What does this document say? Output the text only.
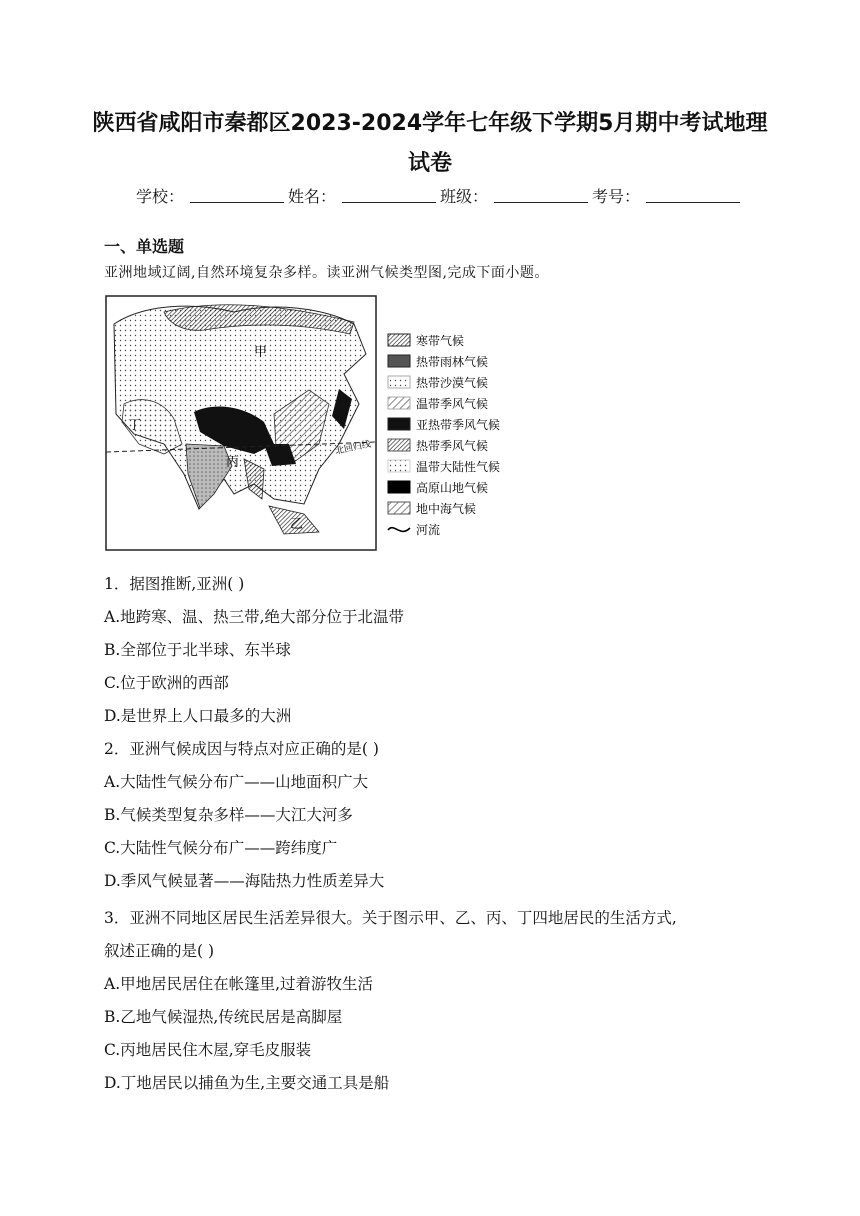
陕西省咸阳市秦都区2023-2024学年七年级下学期5月期中考试地理
试卷
学校：	姓名：	班级：	考号：
一、单选题
亚洲地域辽阔,自然环境复杂多样。读亚洲气候类型图,完成下面小题。
北回归线
甲
乙
丙
丁
寒带气候
热带雨林气候
热带沙漠气候
温带季风气候
亚热带季风气候
热带季风气候
温带大陆性气候
高原山地气候
地中海气候
河流
1．据图推断,亚洲( )
A.地跨寒、温、热三带,绝大部分位于北温带
B.全部位于北半球、东半球
C.位于欧洲的西部
D.是世界上人口最多的大洲
2．亚洲气候成因与特点对应正确的是( )
A.大陆性气候分布广——山地面积广大
B.气候类型复杂多样——大江大河多
C.大陆性气候分布广——跨纬度广
D.季风气候显著——海陆热力性质差异大
3．亚洲不同地区居民生活差异很大。关于图示甲、乙、丙、丁四地居民的生活方式,
叙述正确的是( )
A.甲地居民居住在帐篷里,过着游牧生活
B.乙地气候湿热,传统民居是高脚屋
C.丙地居民住木屋,穿毛皮服装
D.丁地居民以捕鱼为生,主要交通工具是船
